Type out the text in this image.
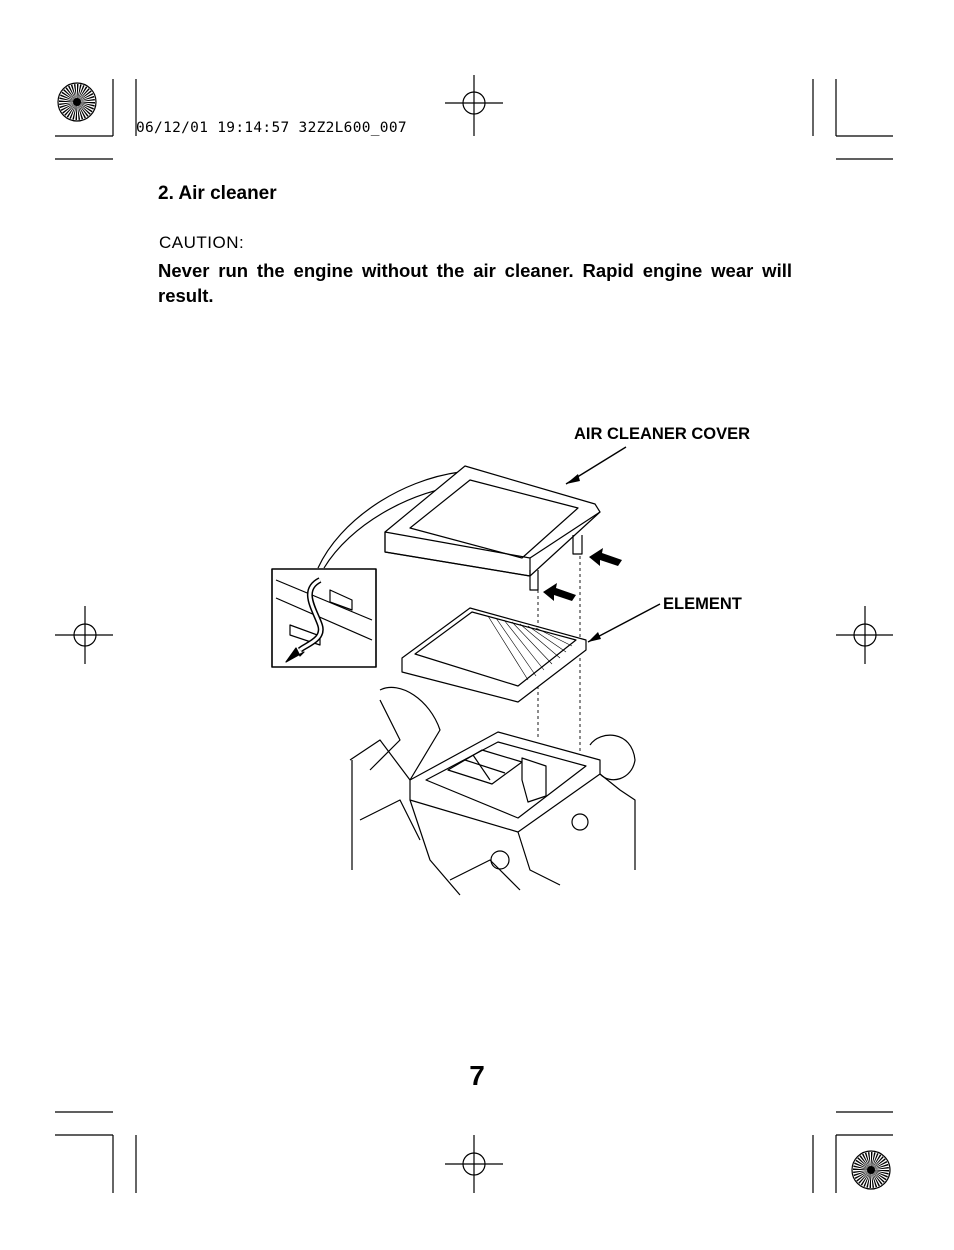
06/12/01 19:14:57 32Z2L600_007
2. Air cleaner
CAUTION:
Never run the engine without the air cleaner. Rapid engine wear will result.
AIR CLEANER COVER
ELEMENT
7
